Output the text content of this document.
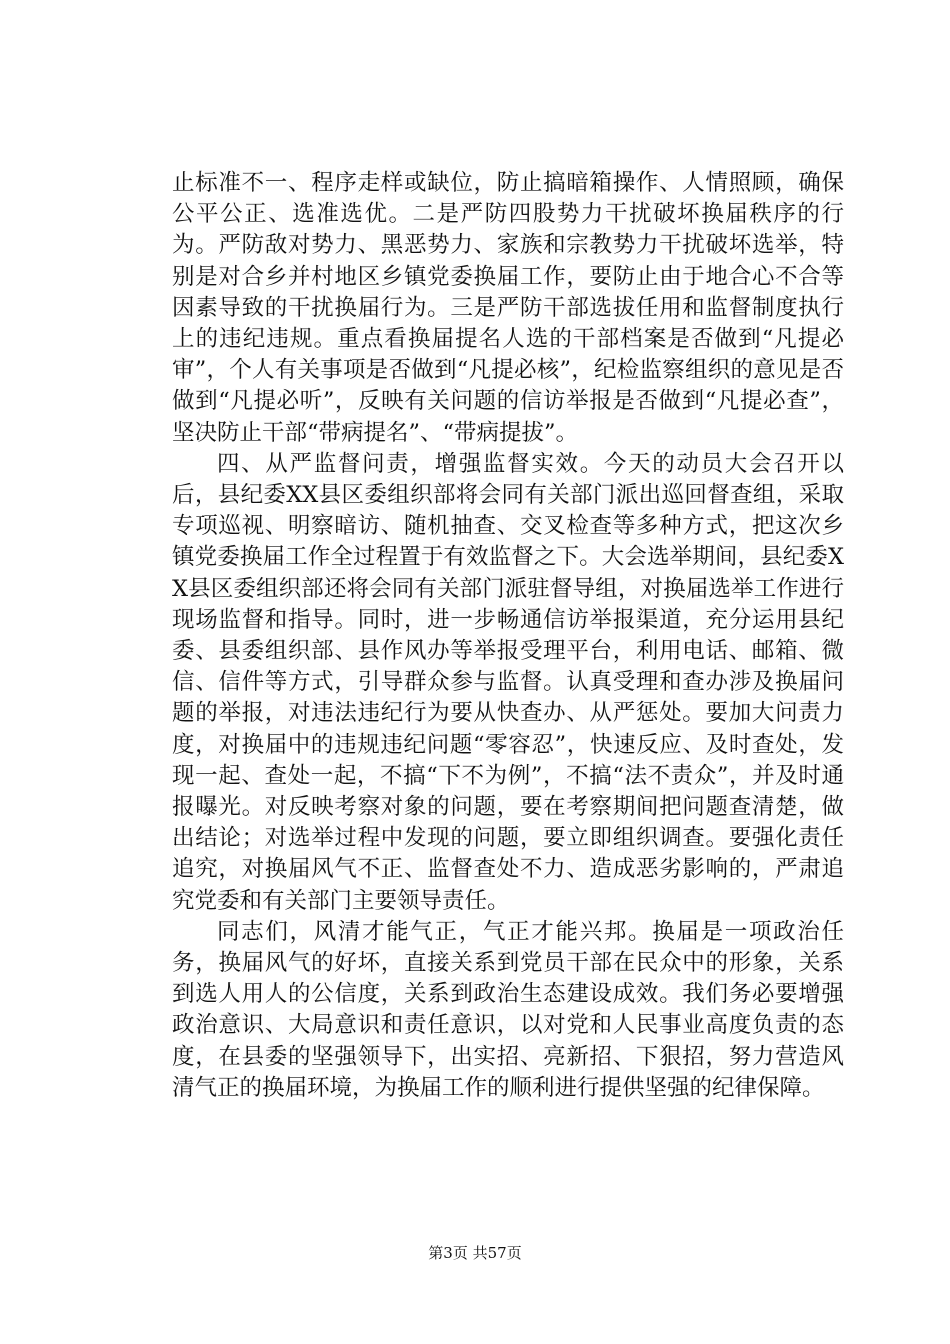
止标准不一、程序走样或缺位，防止搞暗箱操作、人情照顾，确保公平公正、选准选优。二是严防四股势力干扰破坏换届秩序的行为。严防敌对势力、黑恶势力、家族和宗教势力干扰破坏选举，特别是对合乡并村地区乡镇党委换届工作，要防止由于地合心不合等因素导致的干扰换届行为。三是严防干部选拔任用和监督制度执行上的违纪违规。重点看换届提名人选的干部档案是否做到“凡提必审”，个人有关事项是否做到“凡提必核”，纪检监察组织的意见是否做到“凡提必听”，反映有关问题的信访举报是否做到“凡提必查”，坚决防止干部“带病提名”、“带病提拔”。

四、从严监督问责，增强监督实效。今天的动员大会召开以后，县纪委XX县区委组织部将会同有关部门派出巡回督查组，采取专项巡视、明察暗访、随机抽查、交叉检查等多种方式，把这次乡镇党委换届工作全过程置于有效监督之下。大会选举期间，县纪委XX县区委组织部还将会同有关部门派驻督导组，对换届选举工作进行现场监督和指导。同时，进一步畅通信访举报渠道，充分运用县纪委、县委组织部、县作风办等举报受理平台，利用电话、邮箱、微信、信件等方式，引导群众参与监督。认真受理和查办涉及换届问题的举报，对违法违纪行为要从快查办、从严惩处。要加大问责力度，对换届中的违规违纪问题“零容忍”，快速反应、及时查处，发现一起、查处一起，不搞“下不为例”，不搞“法不责众”，并及时通报曝光。对反映考察对象的问题，要在考察期间把问题查清楚，做出结论；对选举过程中发现的问题，要立即组织调查。要强化责任追究，对换届风气不正、监督查处不力、造成恶劣影响的，严肃追究党委和有关部门主要领导责任。

同志们，风清才能气正，气正才能兴邦。换届是一项政治任务，换届风气的好坏，直接关系到党员干部在民众中的形象，关系到选人用人的公信度，关系到政治生态建设成效。我们务必要增强政治意识、大局意识和责任意识，以对党和人民事业高度负责的态度，在县委的坚强领导下，出实招、亮新招、下狠招，努力营造风清气正的换届环境，为换届工作的顺利进行提供坚强的纪律保障。

第3页 共57页
